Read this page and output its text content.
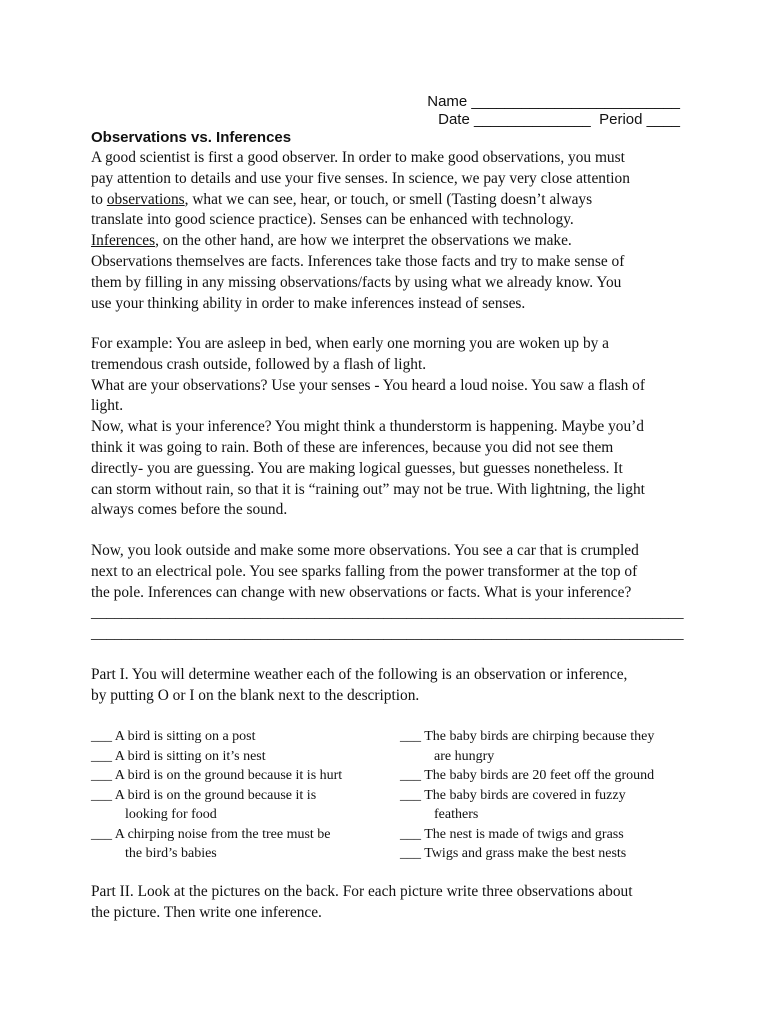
Name _________________________
Date ______________  Period ____
Observations vs. Inferences

A good scientist is first a good observer. In order to make good observations, you must

pay attention to details and use your five senses. In science, we pay very close attention

to observations, what we can see, hear, or touch, or smell (Tasting doesn’t always

translate into good science practice). Senses can be enhanced with technology.

Inferences, on the other hand, are how we interpret the observations we make.

Observations themselves are facts. Inferences take those facts and try to make sense of

them by filling in any missing observations/facts by using what we already know. You

use your thinking ability in order to make inferences instead of senses.

For example: You are asleep in bed, when early one morning you are woken up by a

tremendous crash outside, followed by a flash of light.

What are your observations? Use your senses - You heard a loud noise. You saw a flash of

light.

Now, what is your inference? You might think a thunderstorm is happening. Maybe you’d

think it was going to rain. Both of these are inferences, because you did not see them

directly- you are guessing. You are making logical guesses, but guesses nonetheless. It

can storm without rain, so that it is “raining out” may not be true. With lightning, the light

always comes before the sound.

Now, you look outside and make some more observations. You see a car that is crumpled

next to an electrical pole. You see sparks falling from the power transformer at the top of

the pole. Inferences can change with new observations or facts. What is your inference?

_____________________________________________________________________________

_____________________________________________________________________________

Part I. You will determine weather each of the following is an observation or inference,

by putting O or I on the blank next to the description.

___ A bird is sitting on a post

___ A bird is sitting on it’s nest

___ A bird is on the ground because it is hurt

___ A bird is on the ground because it is

looking for food

___ A chirping noise from the tree must be

the bird’s babies

___ The baby birds are chirping because they

are hungry

___ The baby birds are 20 feet off the ground

___ The baby birds are covered in fuzzy

feathers

___ The nest is made of twigs and grass

___ Twigs and grass make the best nests

Part II. Look at the pictures on the back. For each picture write three observations about

the picture. Then write one inference.
